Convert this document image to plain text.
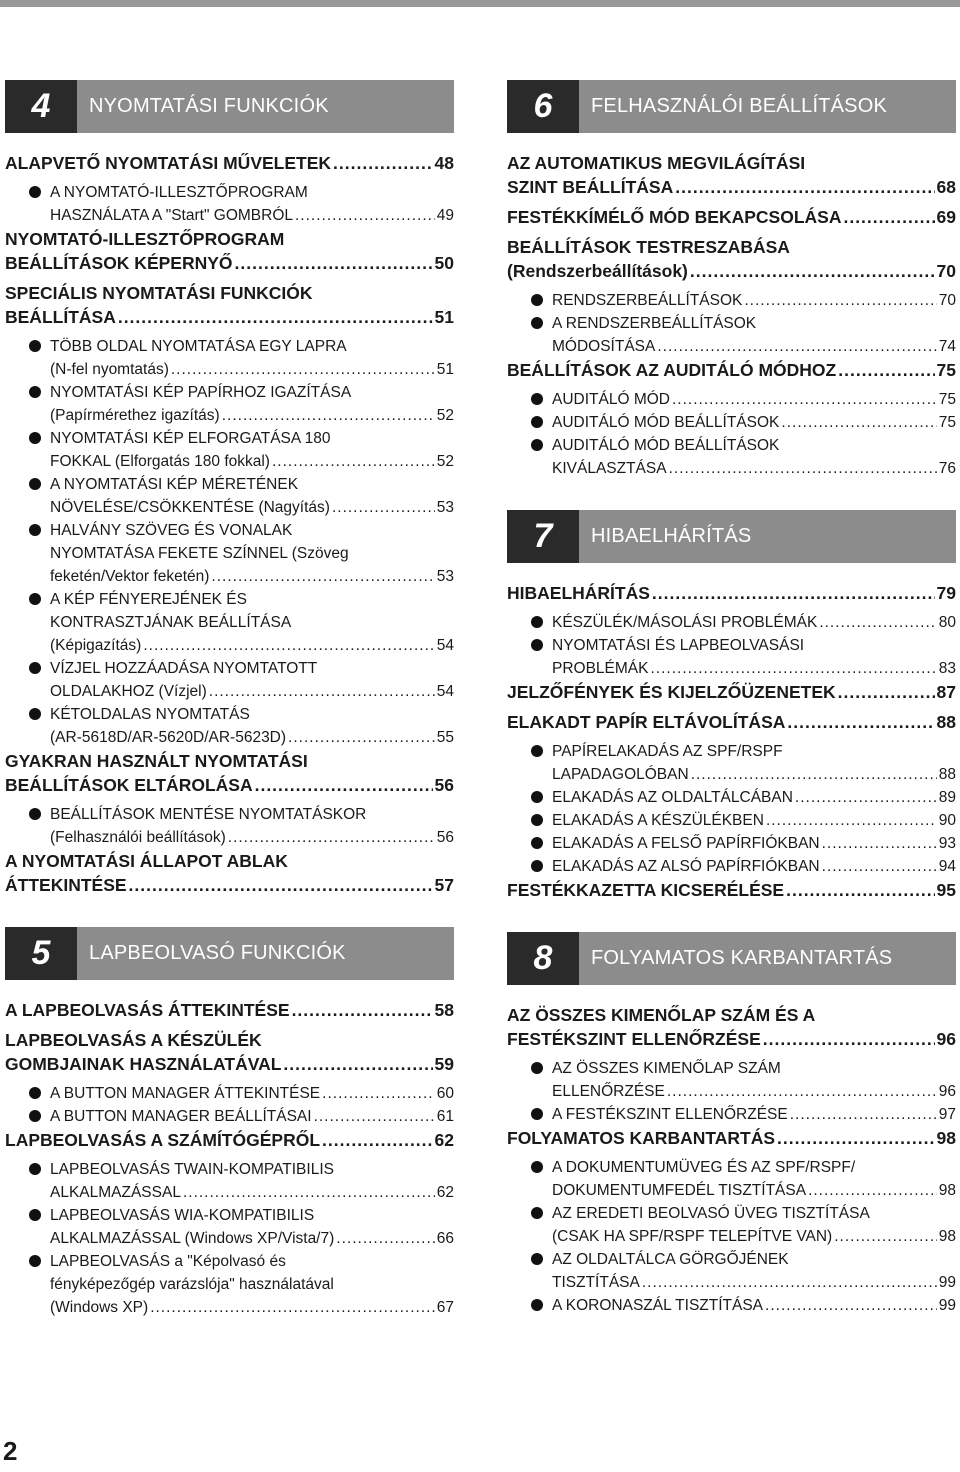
4	NYOMTATÁSI FUNKCIÓK
ALAPVETŐ NYOMTATÁSI MŰVELETEK .....	48
A NYOMTATÓ-ILLESZTŐPROGRAM
HASZNÁLATA A "Start" GOMBRÓL .....	49
NYOMTATÓ-ILLESZTŐPROGRAM
BEÁLLÍTÁSOK KÉPERNYŐ .....	50
SPECIÁLIS NYOMTATÁSI FUNKCIÓK
BEÁLLÍTÁSA .....	51
TÖBB OLDAL NYOMTATÁSA EGY LAPRA
(N-fel nyomtatás) .....	51
NYOMTATÁSI KÉP PAPÍRHOZ IGAZÍTÁSA
(Papírmérethez igazítás) .....	52
NYOMTATÁSI KÉP ELFORGATÁSA 180
FOKKAL (Elforgatás 180 fokkal) .....	52
A NYOMTATÁSI KÉP MÉRETÉNEK
NÖVELÉSE/CSÖKKENTÉSE (Nagyítás) .....	53
HALVÁNY SZÖVEG ÉS VONALAK
NYOMTATÁSA FEKETE SZÍNNEL (Szöveg
feketén/Vektor feketén) .....	53
A KÉP FÉNYEREJÉNEK ÉS
KONTRASZTJÁNAK BEÁLLÍTÁSA
(Képigazítás) .....	54
VÍZJEL HOZZÁADÁSA NYOMTATOTT
OLDALAKHOZ (Vízjel) .....	54
KÉTOLDALAS NYOMTATÁS
(AR-5618D/AR-5620D/AR-5623D) .....	55
GYAKRAN HASZNÁLT NYOMTATÁSI
BEÁLLÍTÁSOK ELTÁROLÁSA .....	56
BEÁLLÍTÁSOK MENTÉSE NYOMTATÁSKOR
(Felhasználói beállítások) .....	56
A NYOMTATÁSI ÁLLAPOT ABLAK
ÁTTEKINTÉSE .....	57
5	LAPBEOLVASÓ FUNKCIÓK
A LAPBEOLVASÁS ÁTTEKINTÉSE .....	58
LAPBEOLVASÁS A KÉSZÜLÉK
GOMBJAINAK HASZNÁLATÁVAL .....	59
A BUTTON MANAGER ÁTTEKINTÉSE .....	60
A BUTTON MANAGER BEÁLLÍTÁSAI .....	61
LAPBEOLVASÁS A SZÁMÍTÓGÉPRŐL .....	62
LAPBEOLVASÁS TWAIN-KOMPATIBILIS
ALKALMAZÁSSAL .....	62
LAPBEOLVASÁS WIA-KOMPATIBILIS
ALKALMAZÁSSAL (Windows XP/Vista/7) .....	66
LAPBEOLVASÁS a "Képolvasó és
fényképezőgép varázslója" használatával
(Windows XP) .....	67
6	FELHASZNÁLÓI BEÁLLÍTÁSOK
AZ AUTOMATIKUS MEGVILÁGÍTÁSI
SZINT BEÁLLÍTÁSA .....	68
FESTÉKKÍMÉLŐ MÓD BEKAPCSOLÁSA .....	69
BEÁLLÍTÁSOK TESTRESZABÁSA
(Rendszerbeállítások) .....	70
RENDSZERBEÁLLÍTÁSOK .....	70
A RENDSZERBEÁLLÍTÁSOK
MÓDOSÍTÁSA .....	74
BEÁLLÍTÁSOK AZ AUDITÁLÓ MÓDHOZ .....	75
AUDITÁLÓ MÓD .....	75
AUDITÁLÓ MÓD BEÁLLÍTÁSOK .....	75
AUDITÁLÓ MÓD BEÁLLÍTÁSOK
KIVÁLASZTÁSA .....	76
7	HIBAELHÁRÍTÁS
HIBAELHÁRÍTÁS .....	79
KÉSZÜLÉK/MÁSOLÁSI PROBLÉMÁK .....	80
NYOMTATÁSI ÉS LAPBEOLVASÁSI
PROBLÉMÁK .....	83
JELZŐFÉNYEK ÉS KIJELZŐÜZENETEK .....	87
ELAKADT PAPÍR ELTÁVOLÍTÁSA .....	88
PAPÍRELAKADÁS AZ SPF/RSPF
LAPADAGOLÓBAN .....	88
ELAKADÁS AZ OLDALTÁLCÁBAN .....	89
ELAKADÁS A KÉSZÜLÉKBEN .....	90
ELAKADÁS A FELSŐ PAPÍRFIÓKBAN .....	93
ELAKADÁS AZ ALSÓ PAPÍRFIÓKBAN .....	94
FESTÉKKAZETTA KICSERÉLÉSE .....	95
8	FOLYAMATOS KARBANTARTÁS
AZ ÖSSZES KIMENŐLAP SZÁM ÉS A
FESTÉKSZINT ELLENŐRZÉSE .....	96
AZ ÖSSZES KIMENŐLAP SZÁM
ELLENŐRZÉSE .....	96
A FESTÉKSZINT ELLENŐRZÉSE .....	97
FOLYAMATOS KARBANTARTÁS .....	98
A DOKUMENTUMÜVEG ÉS AZ SPF/RSPF/
DOKUMENTUMFEDÉL TISZTÍTÁSA .....	98
AZ EREDETI BEOLVASÓ ÜVEG TISZTÍTÁSA
(CSAK HA SPF/RSPF TELEPÍTVE VAN) .....	98
AZ OLDALTÁLCA GÖRGŐJÉNEK
TISZTÍTÁSA .....	99
A KORONASZÁL TISZTÍTÁSA .....	99
2
